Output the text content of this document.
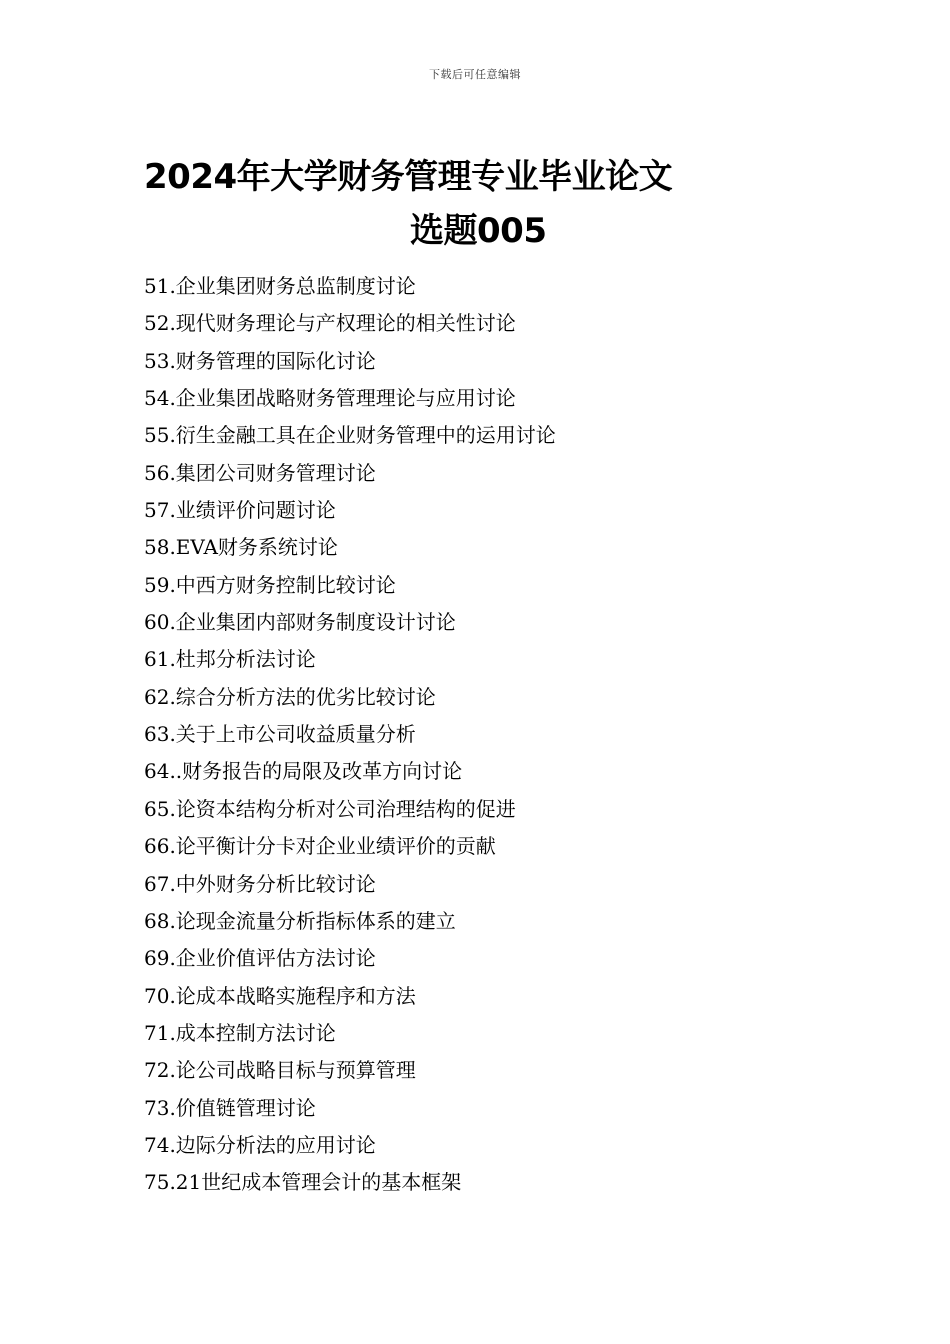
下载后可任意编辑
2024年大学财务管理专业毕业论文
选题005
51.企业集团财务总监制度讨论
52.现代财务理论与产权理论的相关性讨论
53.财务管理的国际化讨论
54.企业集团战略财务管理理论与应用讨论
55.衍生金融工具在企业财务管理中的运用讨论
56.集团公司财务管理讨论
57.业绩评价问题讨论
58.EVA财务系统讨论
59.中西方财务控制比较讨论
60.企业集团内部财务制度设计讨论
61.杜邦分析法讨论
62.综合分析方法的优劣比较讨论
63.关于上市公司收益质量分析
64..财务报告的局限及改革方向讨论
65.论资本结构分析对公司治理结构的促进
66.论平衡计分卡对企业业绩评价的贡献
67.中外财务分析比较讨论
68.论现金流量分析指标体系的建立
69.企业价值评估方法讨论
70.论成本战略实施程序和方法
71.成本控制方法讨论
72.论公司战略目标与预算管理
73.价值链管理讨论
74.边际分析法的应用讨论
75.21世纪成本管理会计的基本框架
